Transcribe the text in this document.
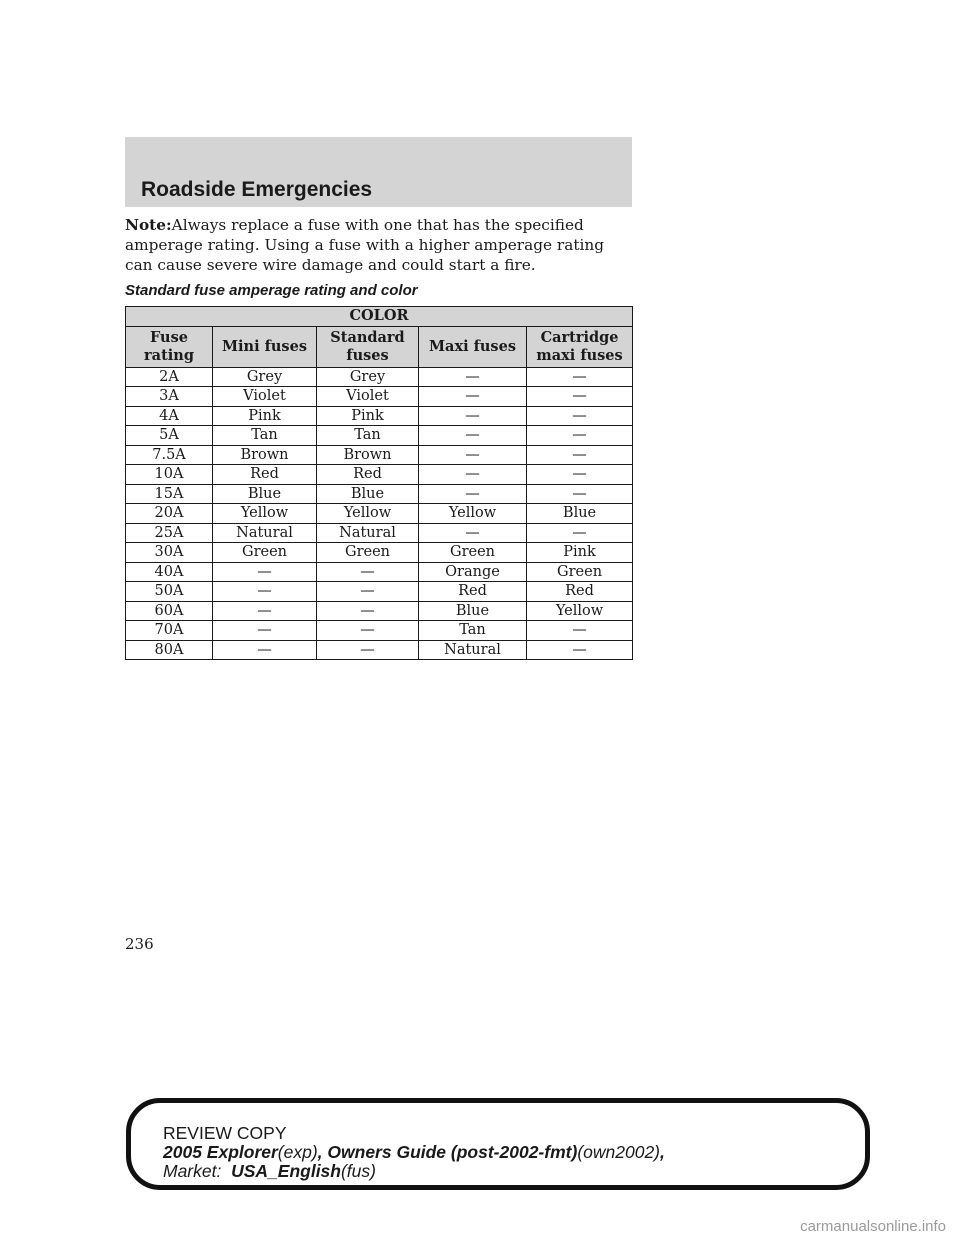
Roadside Emergencies

Note:Always replace a fuse with one that has the specified amperage rating. Using a fuse with a higher amperage rating can cause severe wire damage and could start a fire.

Standard fuse amperage rating and color
COLOR				
Fuse rating	Mini fuses	Standard fuses	Maxi fuses	Cartridge maxi fuses
2A	Grey	Grey	—	—
3A	Violet	Violet	—	—
4A	Pink	Pink	—	—
5A	Tan	Tan	—	—
7.5A	Brown	Brown	—	—
10A	Red	Red	—	—
15A	Blue	Blue	—	—
20A	Yellow	Yellow	Yellow	Blue
25A	Natural	Natural	—	—
30A	Green	Green	Green	Pink
40A	—	—	Orange	Green
50A	—	—	Red	Red
60A	—	—	Blue	Yellow
70A	—	—	Tan	—
80A	—	—	Natural	—
236
REVIEW COPY
2005 Explorer(exp), Owners Guide (post-2002-fmt)(own2002),
Market: USA_English(fus)
carmanualsonline.info
